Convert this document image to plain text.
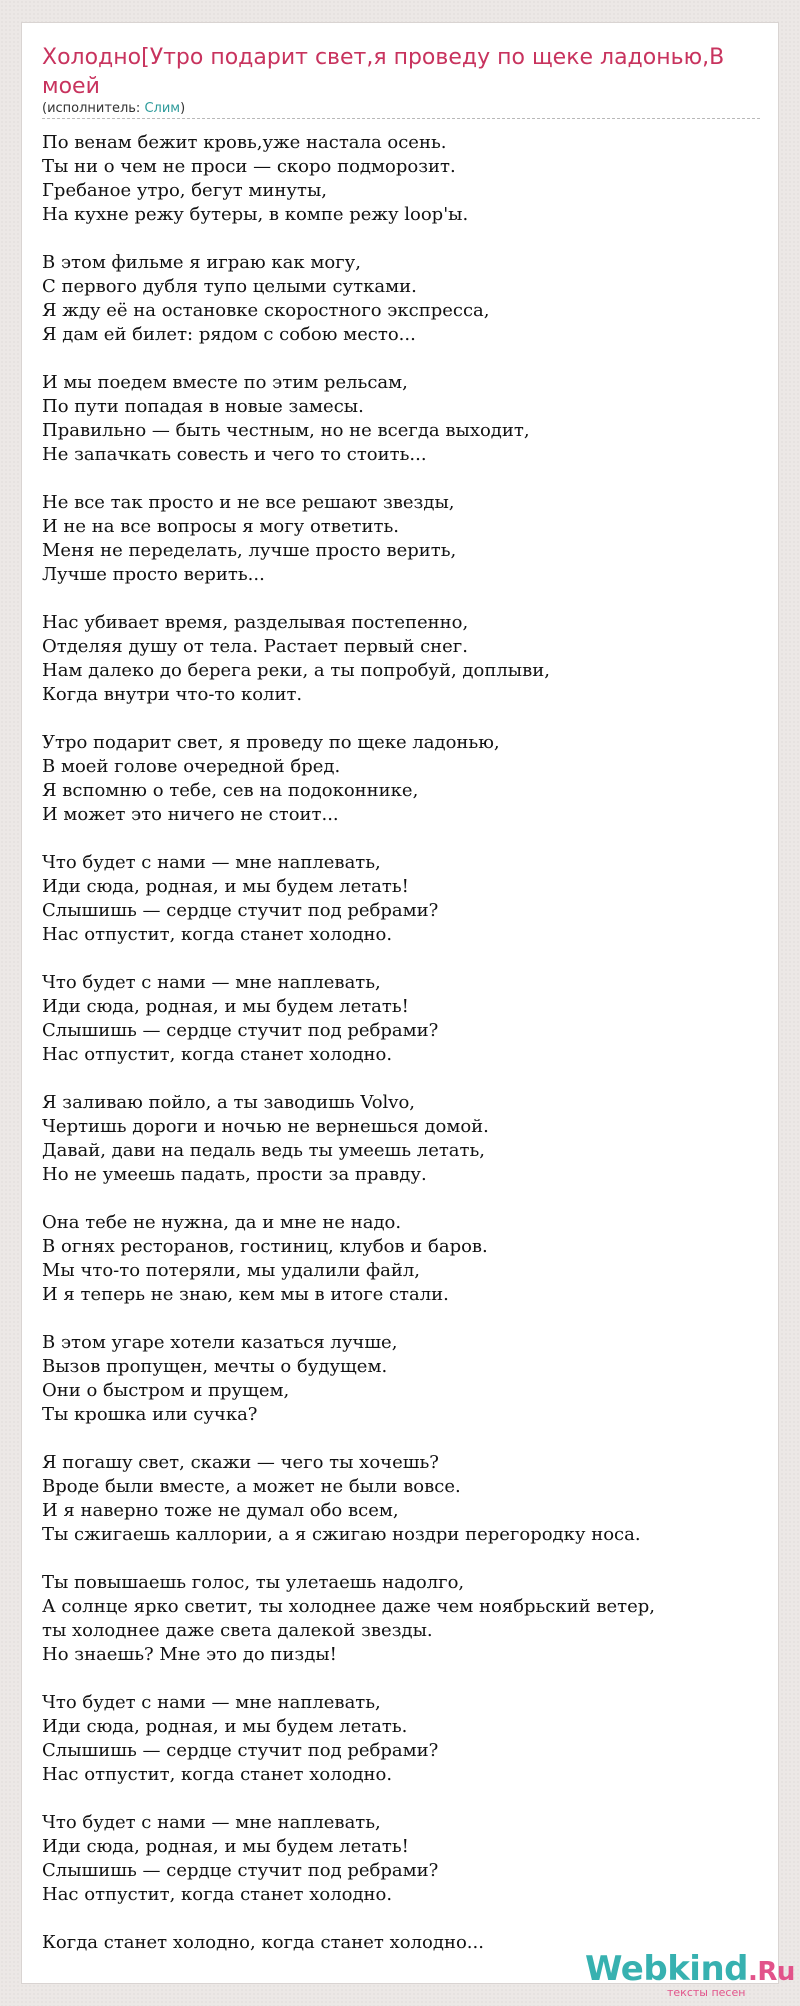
Холодно[Утро подарит свет,я проведу по щеке ладонью,В моей
(исполнитель: Слим)
По венам бежит кровь,уже настала осень.
Ты ни о чем не проси — скоро подморозит.
Гребаное утро, бегут минуты,
На кухне режу бутеры, в компе режу loop'ы.
В этом фильме я играю как могу,
С первого дубля тупо целыми сутками.
Я жду её на остановке скоростного экспресса,
Я дам ей билет: рядом с собою место...
И мы поедем вместе по этим рельсам,
По пути попадая в новые замесы.
Правильно — быть честным, но не всегда выходит,
Не запачкать совесть и чего то стоить...
Не все так просто и не все решают звезды,
И не на все вопросы я могу ответить.
Меня не переделать, лучше просто верить,
Лучше просто верить...
Нас убивает время, разделывая постепенно,
Отделяя душу от тела. Растает первый снег.
Нам далеко до берега реки, а ты попробуй, доплыви,
Когда внутри что-то колит.
Утро подарит свет, я проведу по щеке ладонью,
В моей голове очередной бред.
Я вспомню о тебе, сев на подоконнике,
И может это ничего не стоит...
Что будет с нами — мне наплевать,
Иди сюда, родная, и мы будем летать!
Слышишь — сердце стучит под ребрами?
Нас отпустит, когда станет холодно.
Что будет с нами — мне наплевать,
Иди сюда, родная, и мы будем летать!
Слышишь — сердце стучит под ребрами?
Нас отпустит, когда станет холодно.
Я заливаю пойло, а ты заводишь Volvo,
Чертишь дороги и ночью не вернешься домой.
Давай, дави на педаль ведь ты умеешь летать,
Но не умеешь падать, прости за правду.
Она тебе не нужна, да и мне не надо.
В огнях ресторанов, гостиниц, клубов и баров.
Мы что-то потеряли, мы удалили файл,
И я теперь не знаю, кем мы в итоге стали.
В этом угаре хотели казаться лучше,
Вызов пропущен, мечты о будущем.
Они о быстром и прущем,
Ты крошка или сучка?
Я погашу свет, скажи — чего ты хочешь?
Вроде были вместе, а может не были вовсе.
И я наверно тоже не думал обо всем,
Ты сжигаешь каллории, а я сжигаю ноздри перегородку носа.
Ты повышаешь голос, ты улетаешь надолго,
А солнце ярко светит, ты холоднее даже чем ноябрьский ветер,
ты холоднее даже света далекой звезды.
Но знаешь? Мне это до пизды!
Что будет с нами — мне наплевать,
Иди сюда, родная, и мы будем летать.
Слышишь — сердце стучит под ребрами?
Нас отпустит, когда станет холодно.
Что будет с нами — мне наплевать,
Иди сюда, родная, и мы будем летать!
Слышишь — сердце стучит под ребрами?
Нас отпустит, когда станет холодно.
Когда станет холодно, когда станет холодно...
Webkind.Ru
тексты песен
